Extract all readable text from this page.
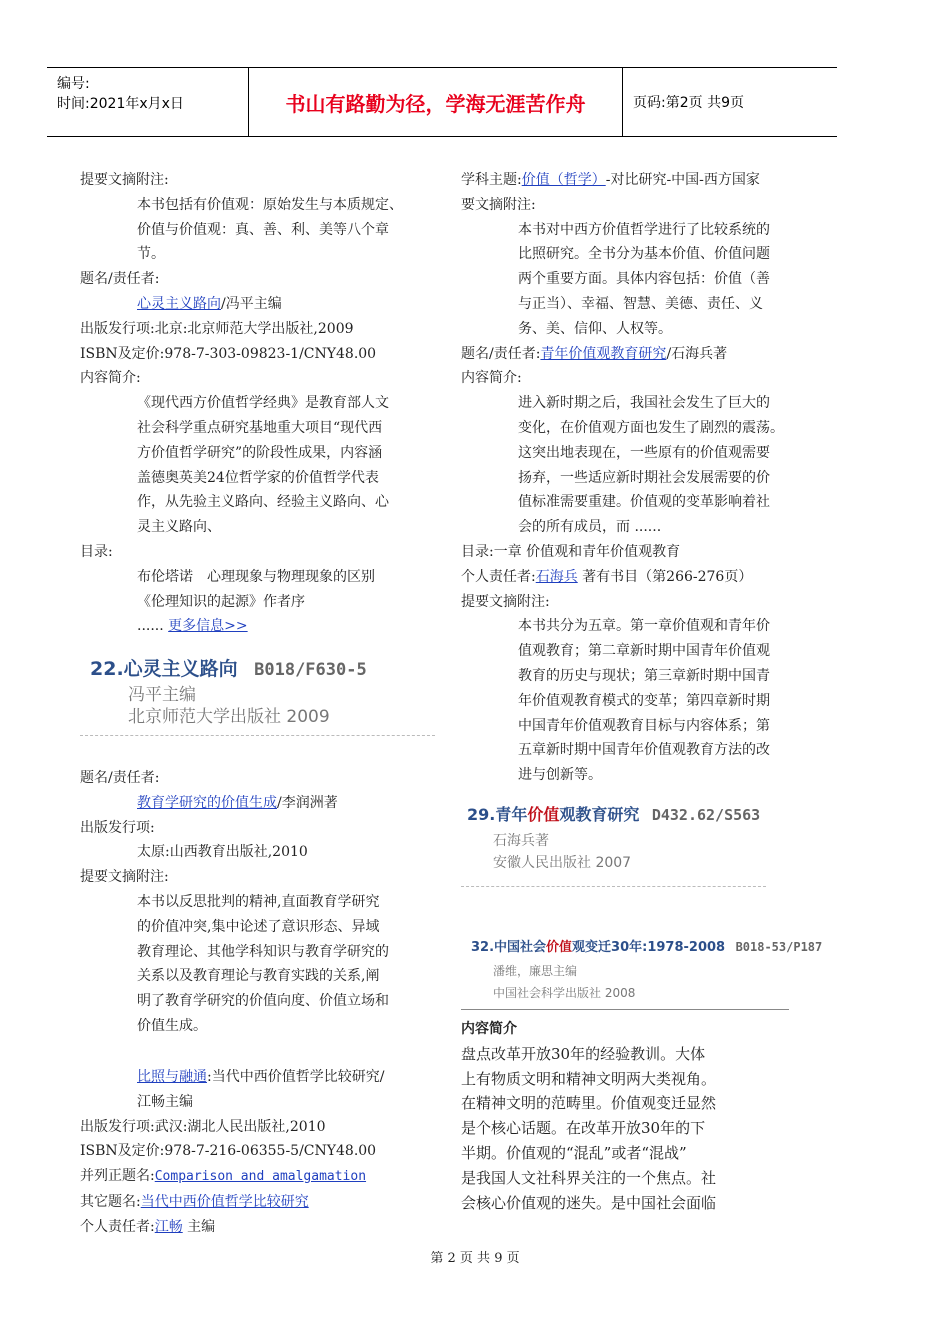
编号:
时间:2021年x月x日	书山有路勤为径，学海无涯苦作舟	页码:第2页 共9页

提要文摘附注:

本书包括有价值观：原始发生与本质规定、

价值与价值观：真、善、利、美等八个章

节。

题名/责任者:

心灵主义路向/冯平主编

出版发行项:北京:北京师范大学出版社,2009

ISBN及定价:978-7-303-09823-1/CNY48.00

内容简介:

《现代西方价值哲学经典》是教育部人文

社会科学重点研究基地重大项目“现代西

方价值哲学研究”的阶段性成果，内容涵

盖德奥英美24位哲学家的价值哲学代表

作，从先验主义路向、经验主义路向、心

灵主义路向、

目录:

布伦塔诺　心理现象与物理现象的区别

《伦理知识的起源》作者序

...... 更多信息>>

22.心灵主义路向 B018/F630-5
冯平主编
北京师范大学出版社 2009

题名/责任者:

教育学研究的价值生成/李润洲著

出版发行项:

太原:山西教育出版社,2010

提要文摘附注:

本书以反思批判的精神,直面教育学研究

的价值冲突,集中论述了意识形态、异域

教育理论、其他学科知识与教育学研究的

关系以及教育理论与教育实践的关系,阐

明了教育学研究的价值向度、价值立场和

价值生成。

比照与融通:当代中西价值哲学比较研究/

江畅主编

出版发行项:武汉:湖北人民出版社,2010

ISBN及定价:978-7-216-06355-5/CNY48.00

并列正题名:Comparison and amalgamation

其它题名:当代中西价值哲学比较研究

个人责任者:江畅 主编

学科主题:价值（哲学）-对比研究-中国-西方国家

要文摘附注:

本书对中西方价值哲学进行了比较系统的

比照研究。全书分为基本价值、价值问题

两个重要方面。具体内容包括：价值（善

与正当）、幸福、智慧、美德、责任、义

务、美、信仰、人权等。

题名/责任者:青年价值观教育研究/石海兵著

内容简介:

进入新时期之后，我国社会发生了巨大的

变化，在价值观方面也发生了剧烈的震荡。

这突出地表现在，一些原有的价值观需要

扬弃，一些适应新时期社会发展需要的价

值标准需要重建。价值观的变革影响着社

会的所有成员，而 ......

目录:一章 价值观和青年价值观教育

个人责任者:石海兵 著有书目（第266-276页）

提要文摘附注:

本书共分为五章。第一章价值观和青年价

值观教育；第二章新时期中国青年价值观

教育的历史与现状；第三章新时期中国青

年价值观教育模式的变革；第四章新时期

中国青年价值观教育目标与内容体系；第

五章新时期中国青年价值观教育方法的改

进与创新等。

29.青年价值观教育研究 D432.62/S563
石海兵著
安徽人民出版社 2007
32.中国社会价值观变迁30年:1978-2008 B018-53/P187
潘维，廉思主编
中国社会科学出版社 2008

内容简介

盘点改革开放30年的经验教训。大体

上有物质文明和精神文明两大类视角。

在精神文明的范畴里。价值观变迁显然

是个核心话题。在改革开放30年的下

半期。价值观的“混乱”或者“混战”

是我国人文社科界关注的一个焦点。社

会核心价值观的迷失。是中国社会面临

第 2 页 共 9 页
